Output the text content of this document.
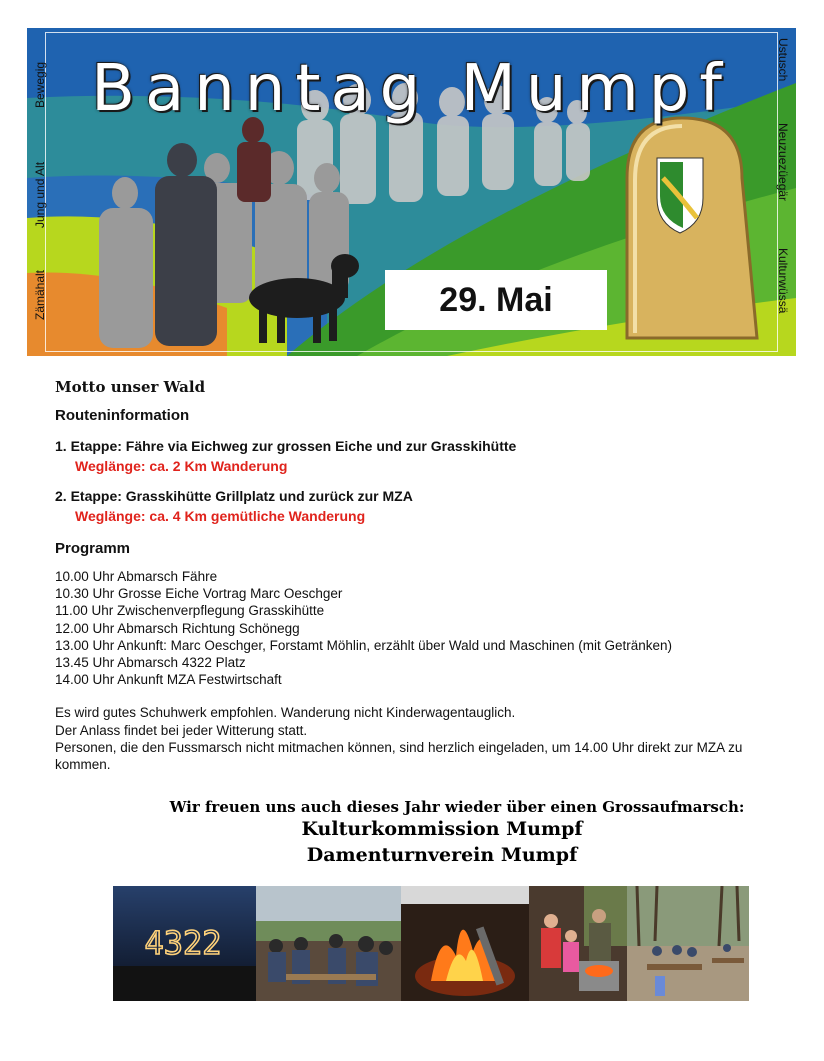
Banntag Mumpf
Bewegig
Jung und Alt
Zämähalt
Ustusch
Neuzuezüegär
Kulturwüssä
29. Mai
Motto unser Wald
Routeninformation
1. Etappe: Fähre via Eichweg zur grossen Eiche und zur Grasskihütte
Weglänge: ca. 2 Km Wanderung
2. Etappe: Grasskihütte Grillplatz und zurück zur MZA
Weglänge: ca. 4 Km gemütliche Wanderung
Programm
10.00 Uhr Abmarsch Fähre
10.30 Uhr Grosse Eiche Vortrag Marc Oeschger
11.00 Uhr Zwischenverpflegung Grasskihütte
12.00 Uhr Abmarsch Richtung Schönegg
13.00 Uhr Ankunft: Marc Oeschger, Forstamt Möhlin, erzählt über Wald und Maschinen (mit Getränken)
13.45 Uhr Abmarsch 4322 Platz
14.00 Uhr Ankunft MZA Festwirtschaft

Es wird gutes Schuhwerk empfohlen. Wanderung nicht Kinderwagentauglich.

Der Anlass findet bei jeder Witterung statt.

Personen, die den Fussmarsch nicht mitmachen können, sind herzlich eingeladen, um 14.00 Uhr direkt zur MZA zu kommen.

Wir freuen uns auch dieses Jahr wieder über einen Grossaufmarsch:
Kulturkommission Mumpf
Damenturnverein Mumpf
4322
